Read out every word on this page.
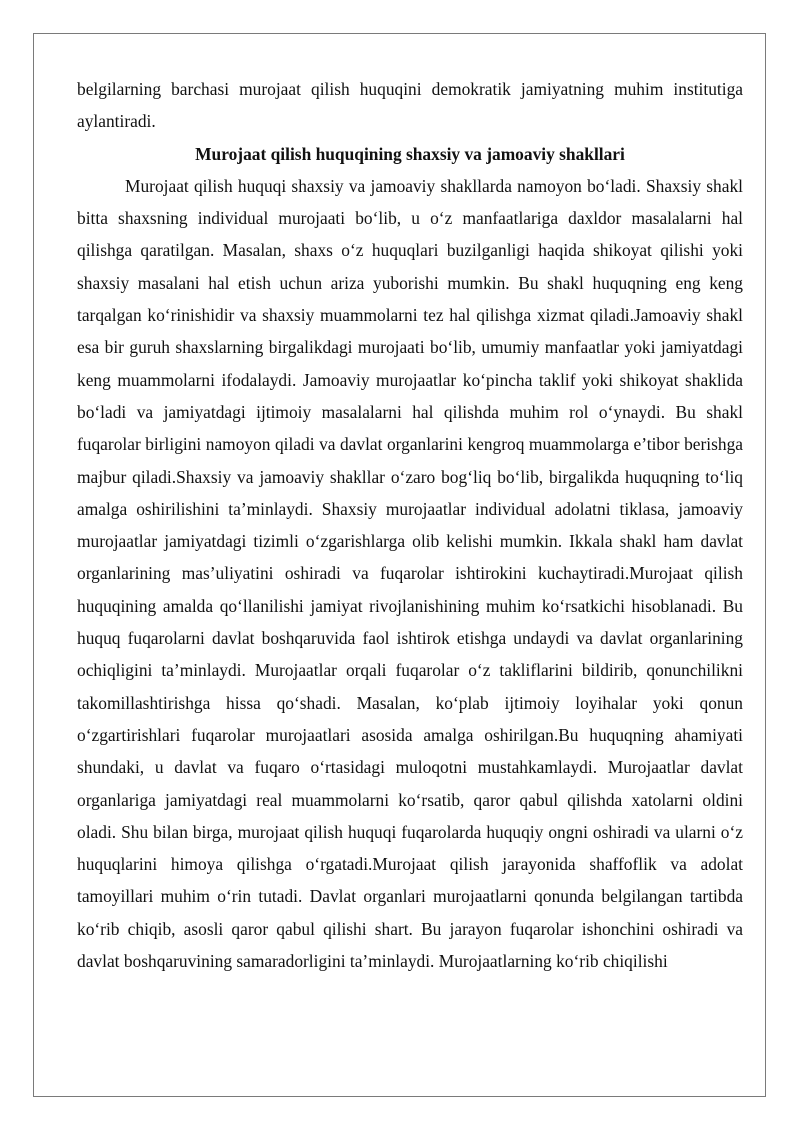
belgilarning barchasi murojaat qilish huquqini demokratik jamiyatning muhim institutiga aylantiradi.

Murojaat qilish huquqining shaxsiy va jamoaviy shakllari

Murojaat qilish huquqi shaxsiy va jamoaviy shakllarda namoyon bo‘ladi. Shaxsiy shakl bitta shaxsning individual murojaati bo‘lib, u o‘z manfaatlariga daxldor masalalarni hal qilishga qaratilgan. Masalan, shaxs o‘z huquqlari buzilganligi haqida shikoyat qilishi yoki shaxsiy masalani hal etish uchun ariza yuborishi mumkin. Bu shakl huquqning eng keng tarqalgan ko‘rinishidir va shaxsiy muammolarni tez hal qilishga xizmat qiladi.Jamoaviy shakl esa bir guruh shaxslarning birgalikdagi murojaati bo‘lib, umumiy manfaatlar yoki jamiyatdagi keng muammolarni ifodalaydi. Jamoaviy murojaatlar ko‘pincha taklif yoki shikoyat shaklida bo‘ladi va jamiyatdagi ijtimoiy masalalarni hal qilishda muhim rol o‘ynaydi. Bu shakl fuqarolar birligini namoyon qiladi va davlat organlarini kengroq muammolarga e’tibor berishga majbur qiladi.Shaxsiy va jamoaviy shakllar o‘zaro bog‘liq bo‘lib, birgalikda huquqning to‘liq amalga oshirilishini ta’minlaydi. Shaxsiy murojaatlar individual adolatni tiklasa, jamoaviy murojaatlar jamiyatdagi tizimli o‘zgarishlarga olib kelishi mumkin. Ikkala shakl ham davlat organlarining mas’uliyatini oshiradi va fuqarolar ishtirokini kuchaytiradi.Murojaat qilish huquqining amalda qo‘llanilishi jamiyat rivojlanishining muhim ko‘rsatkichi hisoblanadi. Bu huquq fuqarolarni davlat boshqaruvida faol ishtirok etishga undaydi va davlat organlarining ochiqligini ta’minlaydi. Murojaatlar orqali fuqarolar o‘z takliflarini bildirib, qonunchilikni takomillashtirishga hissa qo‘shadi. Masalan, ko‘plab ijtimoiy loyihalar yoki qonun o‘zgartirishlari fuqarolar murojaatlari asosida amalga oshirilgan.Bu huquqning ahamiyati shundaki, u davlat va fuqaro o‘rtasidagi muloqotni mustahkamlaydi. Murojaatlar davlat organlariga jamiyatdagi real muammolarni ko‘rsatib, qaror qabul qilishda xatolarni oldini oladi. Shu bilan birga, murojaat qilish huquqi fuqarolarda huquqiy ongni oshiradi va ularni o‘z huquqlarini himoya qilishga o‘rgatadi.Murojaat qilish jarayonida shaffoflik va adolat tamoyillari muhim o‘rin tutadi. Davlat organlari murojaatlarni qonunda belgilangan tartibda ko‘rib chiqib, asosli qaror qabul qilishi shart. Bu jarayon fuqarolar ishonchini oshiradi va davlat boshqaruvining samaradorligini ta’minlaydi. Murojaatlarning ko‘rib chiqilishi
